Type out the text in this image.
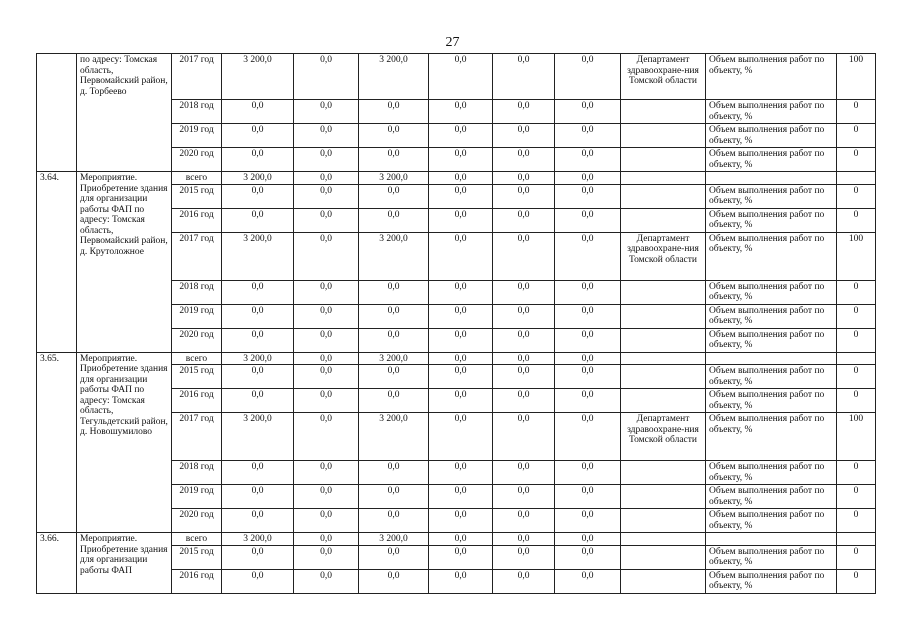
27
	по адресу: Томская область, Первомайский район, д. Торбеево	2017 год	3 200,0	0,0	3 200,0	0,0	0,0	0,0	Департамент здравоохране-ния Томской области	Объем выполнения работ по объекту, %	100
		2018 год	0,0	0,0	0,0	0,0	0,0	0,0		Объем выполнения работ по объекту, %	0
		2019 год	0,0	0,0	0,0	0,0	0,0	0,0		Объем выполнения работ по объекту, %	0
		2020 год	0,0	0,0	0,0	0,0	0,0	0,0		Объем выполнения работ по объекту, %	0
3.64.	Мероприятие. Приобретение здания для организации работы ФАП по адресу: Томская область, Первомайский район, д. Крутоложное	всего	3 200,0	0,0	3 200,0	0,0	0,0	0,0			
		2015 год	0,0	0,0	0,0	0,0	0,0	0,0		Объем выполнения работ по объекту, %	0
		2016 год	0,0	0,0	0,0	0,0	0,0	0,0		Объем выполнения работ по объекту, %	0
		2017 год	3 200,0	0,0	3 200,0	0,0	0,0	0,0	Департамент здравоохране-ния Томской области	Объем выполнения работ по объекту, %	100
		2018 год	0,0	0,0	0,0	0,0	0,0	0,0		Объем выполнения работ по объекту, %	0
		2019 год	0,0	0,0	0,0	0,0	0,0	0,0		Объем выполнения работ по объекту, %	0
		2020 год	0,0	0,0	0,0	0,0	0,0	0,0		Объем выполнения работ по объекту, %	0
3.65.	Мероприятие. Приобретение здания для организации работы ФАП по адресу: Томская область, Тегульдетский район, д. Новошумилово	всего	3 200,0	0,0	3 200,0	0,0	0,0	0,0			
		2015 год	0,0	0,0	0,0	0,0	0,0	0,0		Объем выполнения работ по объекту, %	0
		2016 год	0,0	0,0	0,0	0,0	0,0	0,0		Объем выполнения работ по объекту, %	0
		2017 год	3 200,0	0,0	3 200,0	0,0	0,0	0,0	Департамент здравоохране-ния Томской области	Объем выполнения работ по объекту, %	100
		2018 год	0,0	0,0	0,0	0,0	0,0	0,0		Объем выполнения работ по объекту, %	0
		2019 год	0,0	0,0	0,0	0,0	0,0	0,0		Объем выполнения работ по объекту, %	0
		2020 год	0,0	0,0	0,0	0,0	0,0	0,0		Объем выполнения работ по объекту, %	0
3.66.	Мероприятие. Приобретение здания для организации работы ФАП	всего	3 200,0	0,0	3 200,0	0,0	0,0	0,0			
		2015 год	0,0	0,0	0,0	0,0	0,0	0,0		Объем выполнения работ по объекту, %	0
		2016 год	0,0	0,0	0,0	0,0	0,0	0,0		Объем выполнения работ по объекту, %	0
